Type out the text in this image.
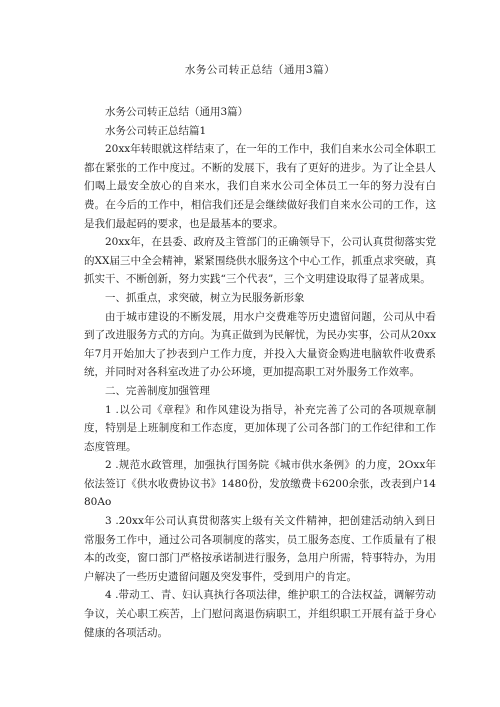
水务公司转正总结（通用3篇）

水务公司转正总结（通用3篇）

水务公司转正总结篇1

20xx年转眼就这样结束了，在一年的工作中，我们自来水公司全体职工都在紧张的工作中度过。不断的发展下，我有了更好的进步。为了让全县人们喝上最安全放心的自来水，我们自来水公司全体员工一年的努力没有白费。在今后的工作中，相信我们还是会继续做好我们自来水公司的工作，这是我们最起码的要求，也是最基本的要求。

20xx年，在县委、政府及主管部门的正确领导下，公司认真贯彻落实党的XX届三中全会精神，紧紧围绕供水服务这个中心工作，抓重点求突破，真抓实干、不断创新，努力实践“三个代表”，三个文明建设取得了显著成果。

一、抓重点，求突破，树立为民服务新形象

由于城市建设的不断发展，用水户交费难等历史遗留问题，公司从中看到了改进服务方式的方向。为真正做到为民解忧，为民办实事，公司从20xx年7月开始加大了抄表到户工作力度，并投入大量资金购进电脑软件收费系统，并同时对各科室改进了办公环境，更加提高职工对外服务工作效率。

二、完善制度加强管理

1 .以公司《章程》和作风建设为指导，补充完善了公司的各项规章制度，特别是上班制度和工作态度，更加体现了公司各部门的工作纪律和工作态度管理。

2 .规范水政管理，加强执行国务院《城市供水条例》的力度，2Oxx年依法签订《供水收费协议书》1480份，发放缴费卡6200余张，改表到户1480Ao

3 .20xx年公司认真贯彻落实上级有关文件精神，把创建活动纳入到日常服务工作中，通过公司各项制度的落实，员工服务态度、工作质量有了根本的改变，窗口部门严格按承诺制进行服务，急用户所需，特事特办，为用户解决了一些历史遗留问题及突发事件，受到用户的肯定。

4 .带动工、青、妇认真执行各项法律，维护职工的合法权益，调解劳动争议，关心职工疾苦，上门慰问离退伤病职工，并组织职工开展有益于身心健康的各项活动。
